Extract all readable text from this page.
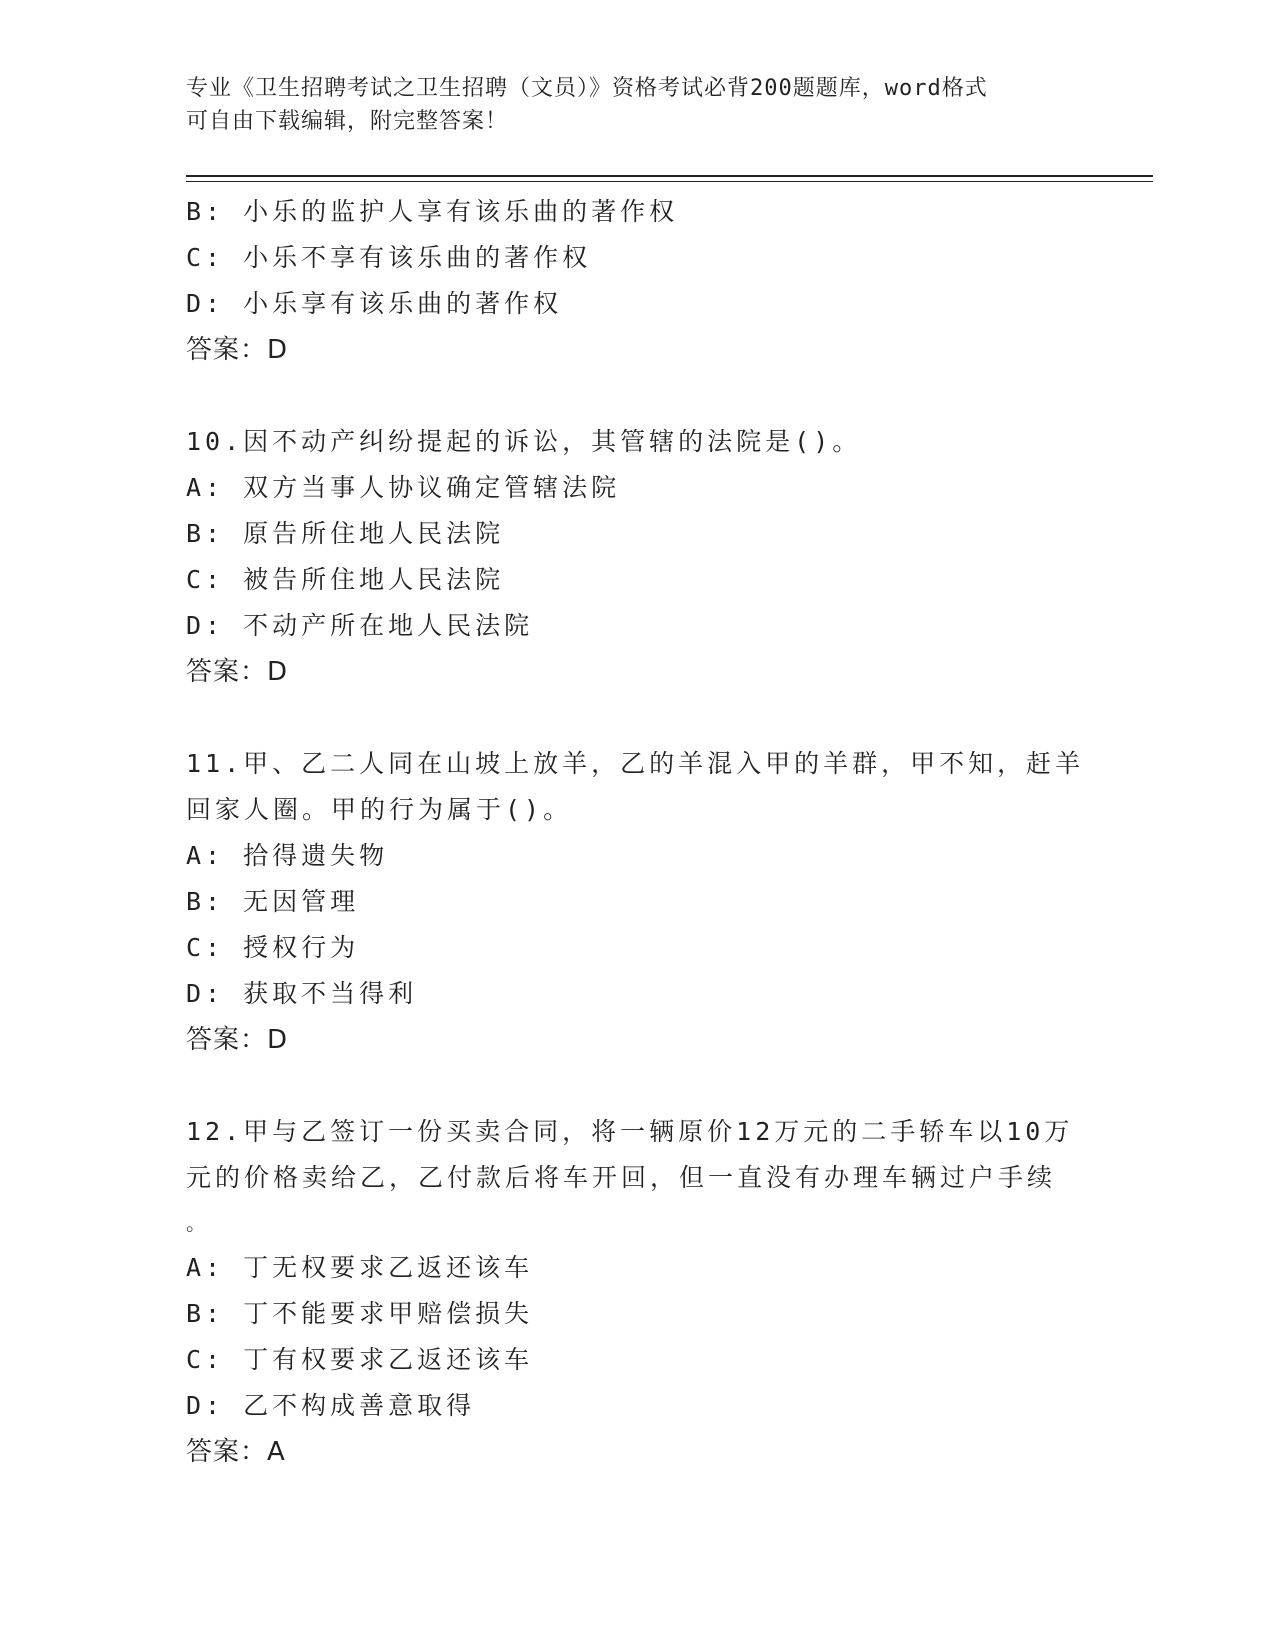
专业《卫生招聘考试之卫生招聘（文员）》资格考试必背200题题库，word格式
可自由下载编辑，附完整答案！
B: 小乐的监护人享有该乐曲的著作权
C: 小乐不享有该乐曲的著作权
D: 小乐享有该乐曲的著作权
答案：D
10.因不动产纠纷提起的诉讼，其管辖的法院是()。
A: 双方当事人协议确定管辖法院
B: 原告所住地人民法院
C: 被告所住地人民法院
D: 不动产所在地人民法院
答案：D
11.甲、乙二人同在山坡上放羊，乙的羊混入甲的羊群，甲不知，赶羊
回家人圈。甲的行为属于()。
A: 拾得遗失物
B: 无因管理
C: 授权行为
D: 获取不当得利
答案：D
12.甲与乙签订一份买卖合同，将一辆原价12万元的二手轿车以10万
元的价格卖给乙，乙付款后将车开回，但一直没有办理车辆过户手续
。
A: 丁无权要求乙返还该车
B: 丁不能要求甲赔偿损失
C: 丁有权要求乙返还该车
D: 乙不构成善意取得
答案：A
